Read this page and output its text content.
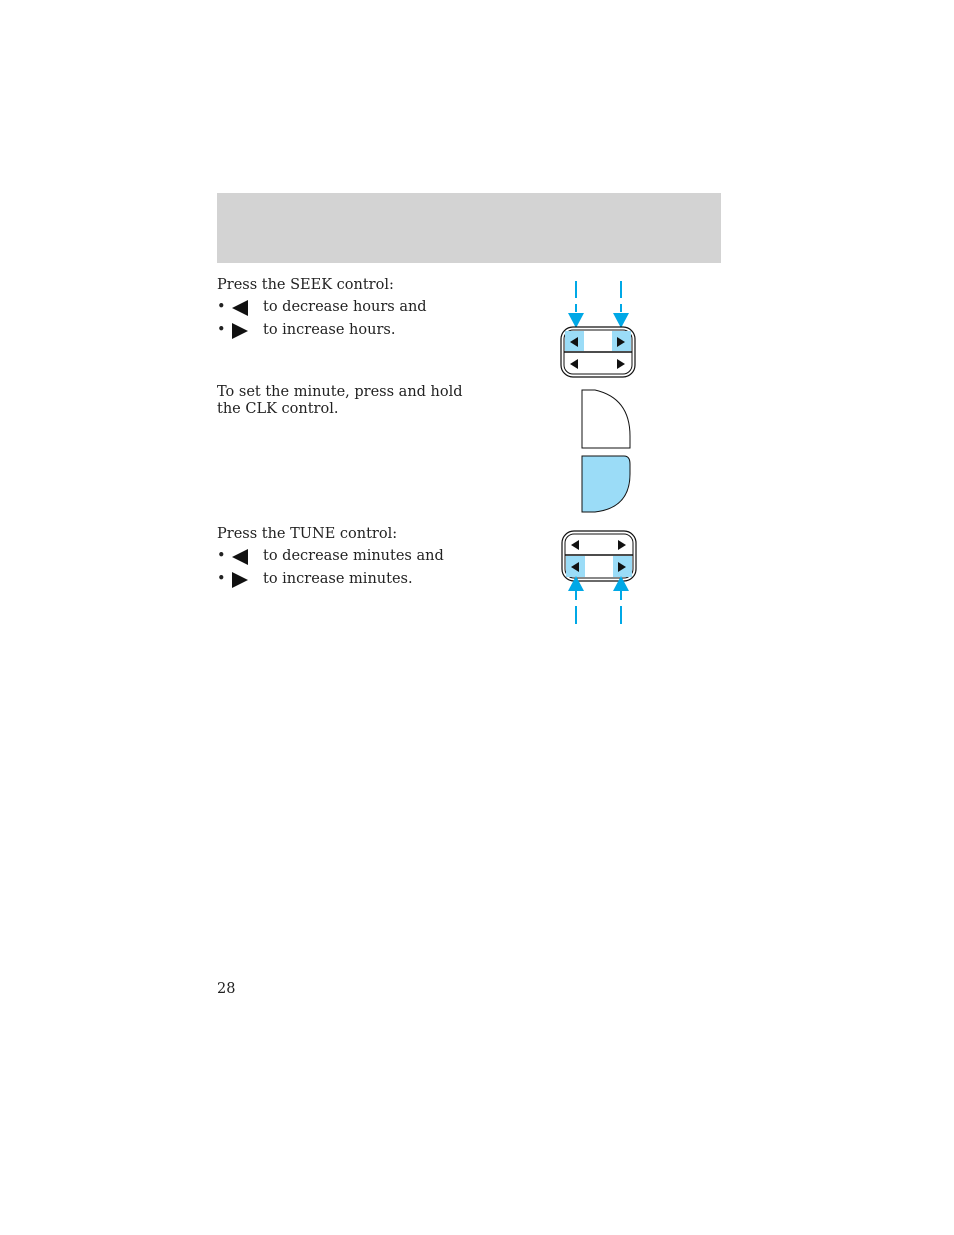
Press the SEEK control:
•	to decrease hours and
•	to increase hours.
To set the minute, press and hold
the CLK control.
Press the TUNE control:
•	to decrease minutes and
•	to increase minutes.
28
